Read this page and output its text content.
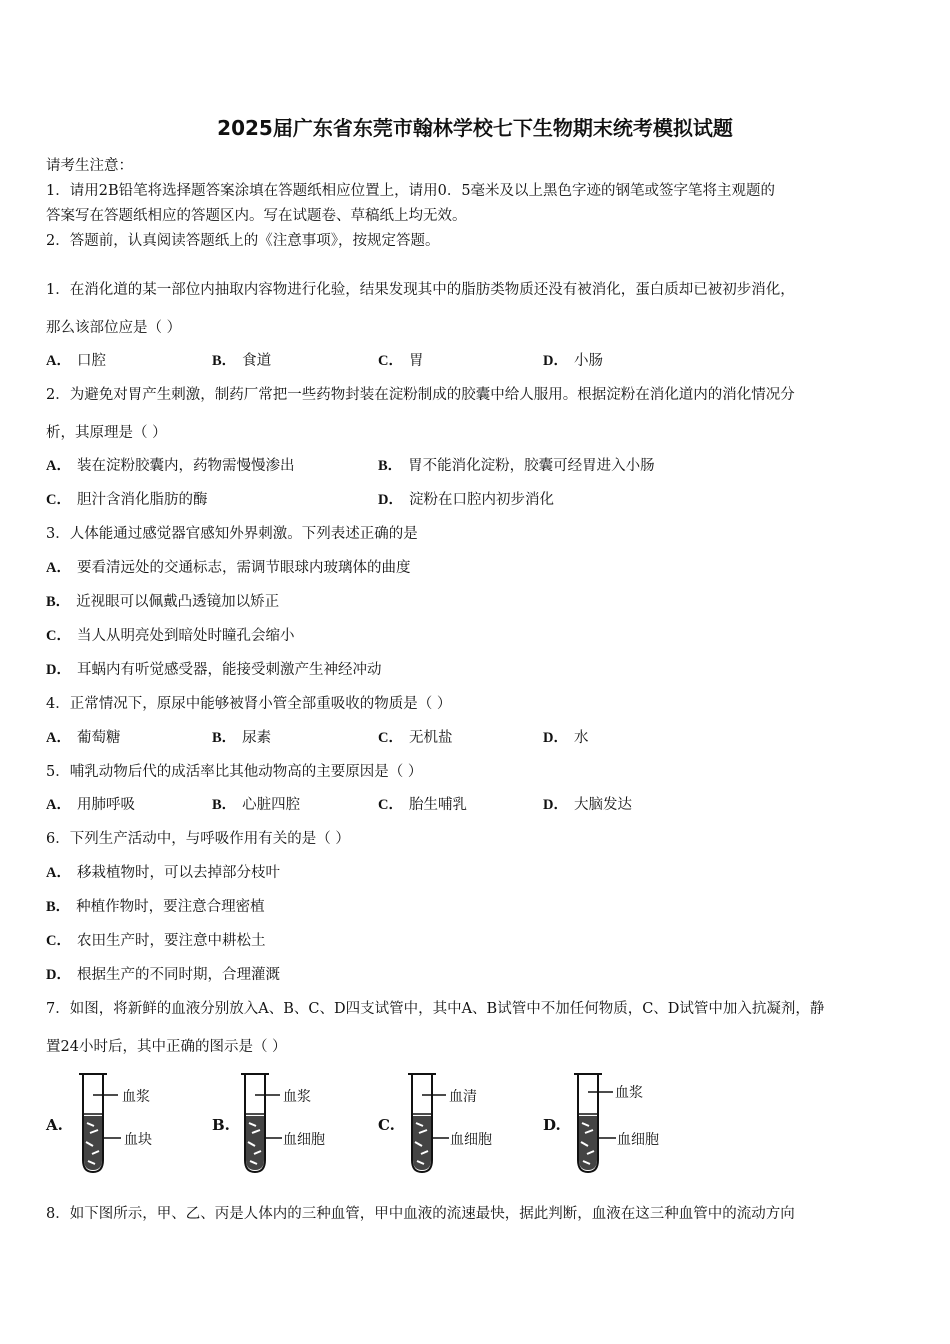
2025届广东省东莞市翰林学校七下生物期末统考模拟试题
请考生注意：
1．请用2B铅笔将选择题答案涂填在答题纸相应位置上，请用0．5毫米及以上黑色字迹的钢笔或签字笔将主观题的
答案写在答题纸相应的答题区内。写在试题卷、草稿纸上均无效。
2．答题前，认真阅读答题纸上的《注意事项》，按规定答题。
1．在消化道的某一部位内抽取内容物进行化验，结果发现其中的脂肪类物质还没有被消化，蛋白质却已被初步消化，
那么该部位应是（ ）
A． 口腔	B． 食道	C． 胃	D． 小肠
2．为避免对胃产生刺激，制药厂常把一些药物封装在淀粉制成的胶囊中给人服用。根据淀粉在消化道内的消化情况分
析，其原理是（ ）
A． 装在淀粉胶囊内，药物需慢慢渗出	B． 胃不能消化淀粉，胶囊可经胃进入小肠
C． 胆汁含消化脂肪的酶	D． 淀粉在口腔内初步消化
3．人体能通过感觉器官感知外界刺激。下列表述正确的是
A． 要看清远处的交通标志，需调节眼球内玻璃体的曲度
B． 近视眼可以佩戴凸透镜加以矫正
C． 当人从明亮处到暗处时瞳孔会缩小
D． 耳蜗内有听觉感受器，能接受刺激产生神经冲动
4．正常情况下，原尿中能够被肾小管全部重吸收的物质是（ ）
A． 葡萄糖	B． 尿素	C． 无机盐	D． 水
5．哺乳动物后代的成活率比其他动物高的主要原因是（ ）
A． 用肺呼吸	B． 心脏四腔	C． 胎生哺乳	D． 大脑发达
6．下列生产活动中，与呼吸作用有关的是（ ）
A． 移栽植物时，可以去掉部分枝叶
B． 种植作物时，要注意合理密植
C． 农田生产时，要注意中耕松土
D． 根据生产的不同时期，合理灌溉
7．如图，将新鲜的血液分别放入A、B、C、D四支试管中，其中A、B试管中不加任何物质，C、D试管中加入抗凝剂，静
置24小时后，其中正确的图示是（ ）
A.
血浆
血块
B.
血浆
血细胞
C.
血清
血细胞
D.
血浆
血细胞
8．如下图所示，甲、乙、丙是人体内的三种血管，甲中血液的流速最快，据此判断，血液在这三种血管中的流动方向
